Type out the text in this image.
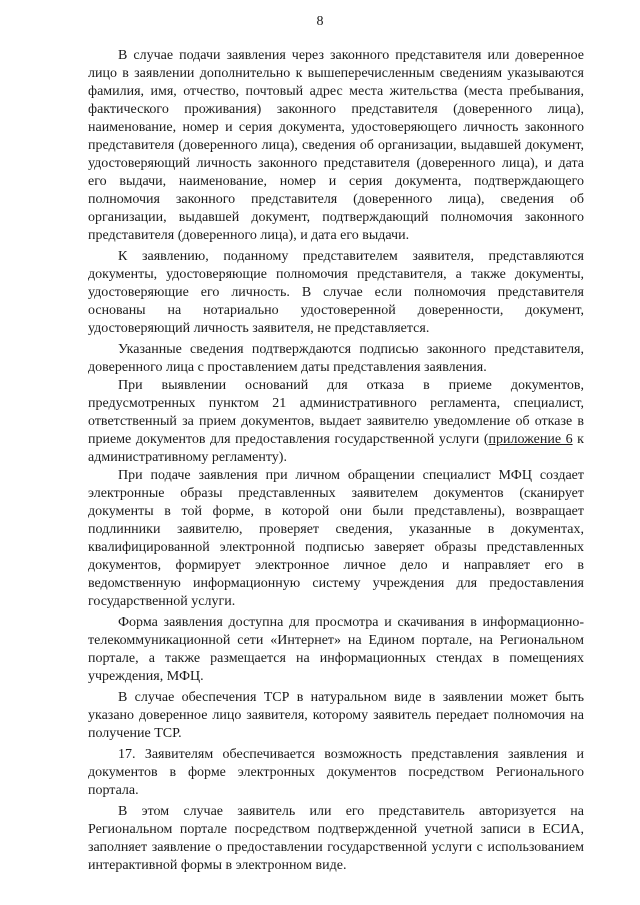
8

В случае подачи заявления через законного представителя или доверенное лицо в заявлении дополнительно к вышеперечисленным сведениям указываются фамилия, имя, отчество, почтовый адрес места жительства (места пребывания, фактического проживания) законного представителя (доверенного лица), наименование, номер и серия документа, удостоверяющего личность законного представителя (доверенного лица), сведения об организации, выдавшей документ, удостоверяющий личность законного представителя (доверенного лица), и дата его выдачи, наименование, номер и серия документа, подтверждающего полномочия законного представителя (доверенного лица), сведения об организации, выдавшей документ, подтверждающий полномочия законного представителя (доверенного лица), и дата его выдачи.

К заявлению, поданному представителем заявителя, представляются документы, удостоверяющие полномочия представителя, а также документы, удостоверяющие его личность. В случае если полномочия представителя основаны на нотариально удостоверенной доверенности, документ, удостоверяющий личность заявителя, не представляется.

Указанные сведения подтверждаются подписью законного представителя, доверенного лица с проставлением даты представления заявления.

При выявлении оснований для отказа в приеме документов, предусмотренных пунктом 21 административного регламента, специалист, ответственный за прием документов, выдает заявителю уведомление об отказе в приеме документов для предоставления государственной услуги (приложение 6 к административному регламенту).

При подаче заявления при личном обращении специалист МФЦ создает электронные образы представленных заявителем документов (сканирует документы в той форме, в которой они были представлены), возвращает подлинники заявителю, проверяет сведения, указанные в документах, квалифицированной электронной подписью заверяет образы представленных документов, формирует электронное личное дело и направляет его в ведомственную информационную систему учреждения для предоставления государственной услуги.

Форма заявления доступна для просмотра и скачивания в информационно-телекоммуникационной сети «Интернет» на Едином портале, на Региональном портале, а также размещается на информационных стендах в помещениях учреждения, МФЦ.

В случае обеспечения ТСР в натуральном виде в заявлении может быть указано доверенное лицо заявителя, которому заявитель передает полномочия на получение ТСР.

17. Заявителям обеспечивается возможность представления заявления и документов в форме электронных документов посредством Регионального портала.

В этом случае заявитель или его представитель авторизуется на Региональном портале посредством подтвержденной учетной записи в ЕСИА, заполняет заявление о предоставлении государственной услуги с использованием интерактивной формы в электронном виде.
